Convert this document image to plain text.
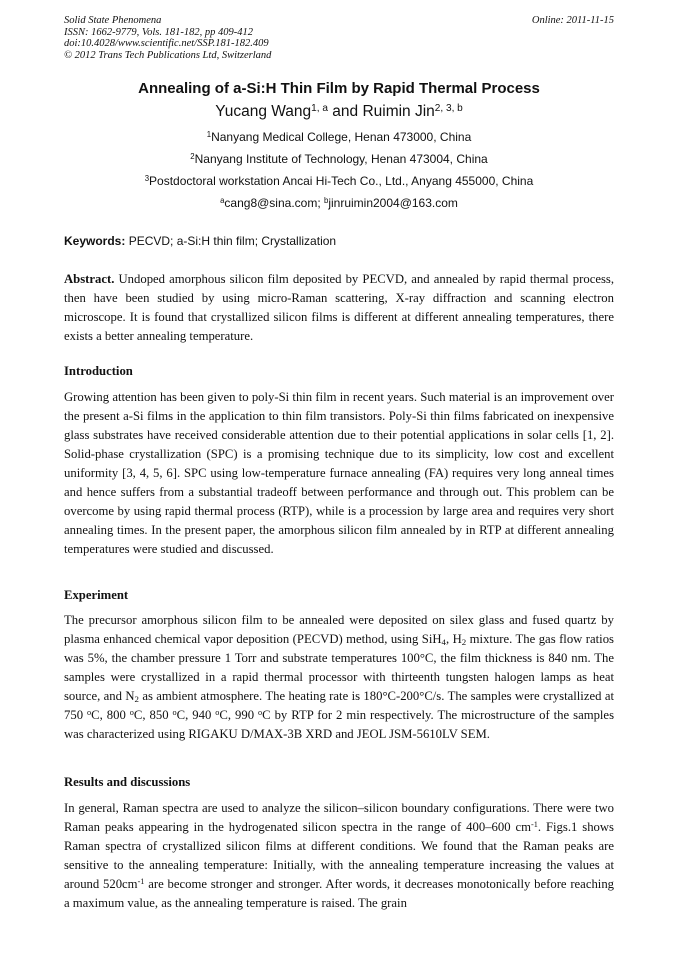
Solid State Phenomena
ISSN: 1662-9779, Vols. 181-182, pp 409-412
doi:10.4028/www.scientific.net/SSP.181-182.409
© 2012 Trans Tech Publications Ltd, Switzerland
Online: 2011-11-15
Annealing of a-Si:H Thin Film by Rapid Thermal Process
Yucang Wang$^{1, a}$ and Ruimin Jin$^{2, 3, b}$
$^1$Nanyang Medical College, Henan 473000, China
$^2$Nanyang Institute of Technology, Henan 473004, China
$^3$Postdoctoral workstation Ancai Hi-Tech Co., Ltd., Anyang 455000, China
$^a$cang8@sina.com; $^b$jinruimin2004@163.com
Keywords: PECVD; a-Si:H thin film; Crystallization
Abstract. Undoped amorphous silicon film deposited by PECVD, and annealed by rapid thermal process, then have been studied by using micro-Raman scattering, X-ray diffraction and scanning electron microscope. It is found that crystallized silicon films is different at different annealing temperatures, there exists a better annealing temperature.
Introduction
Growing attention has been given to poly-Si thin film in recent years. Such material is an improvement over the present a-Si films in the application to thin film transistors. Poly-Si thin films fabricated on inexpensive glass substrates have received considerable attention due to their potential applications in solar cells [1, 2]. Solid-phase crystallization (SPC) is a promising technique due to its simplicity, low cost and excellent uniformity [3, 4, 5, 6]. SPC using low-temperature furnace annealing (FA) requires very long anneal times and hence suffers from a substantial tradeoff between performance and through out. This problem can be overcome by using rapid thermal process (RTP), while is a procession by large area and requires very short annealing times. In the present paper, the amorphous silicon film annealed by in RTP at different annealing temperatures were studied and discussed.
Experiment
The precursor amorphous silicon film to be annealed were deposited on silex glass and fused quartz by plasma enhanced chemical vapor deposition (PECVD) method, using SiH$_4$, $H_2$ mixture. The gas flow ratios was 5%, the chamber pressure 1 Torr and substrate temperatures 100°C, the film thickness is 840 nm. The samples were crystallized in a rapid thermal processor with thirteenth tungsten halogen lamps as heat source, and $N_2$ as ambient atmosphere. The heating rate is 180°C-200°C/s. The samples were crystallized at 750 $^o$C, 800 $^o$C, 850 $^o$C, 940 $^o$C, 990 $^o$C by RTP for 2 min respectively. The microstructure of the samples was characterized using RIGAKU D/MAX-3B XRD and JEOL JSM-5610LV SEM.
Results and discussions
In general, Raman spectra are used to analyze the silicon–silicon boundary configurations. There were two Raman peaks appearing in the hydrogenated silicon spectra in the range of 400–600 $cm^{-1}$. Figs.1 shows Raman spectra of crystallized silicon films at different conditions. We found that the Raman peaks are sensitive to the annealing temperature: Initially, with the annealing temperature increasing the values at around $520cm^{-1}$ are become stronger and stronger. After words, it decreases monotonically before reaching a maximum value, as the annealing temperature is raised. The grain
